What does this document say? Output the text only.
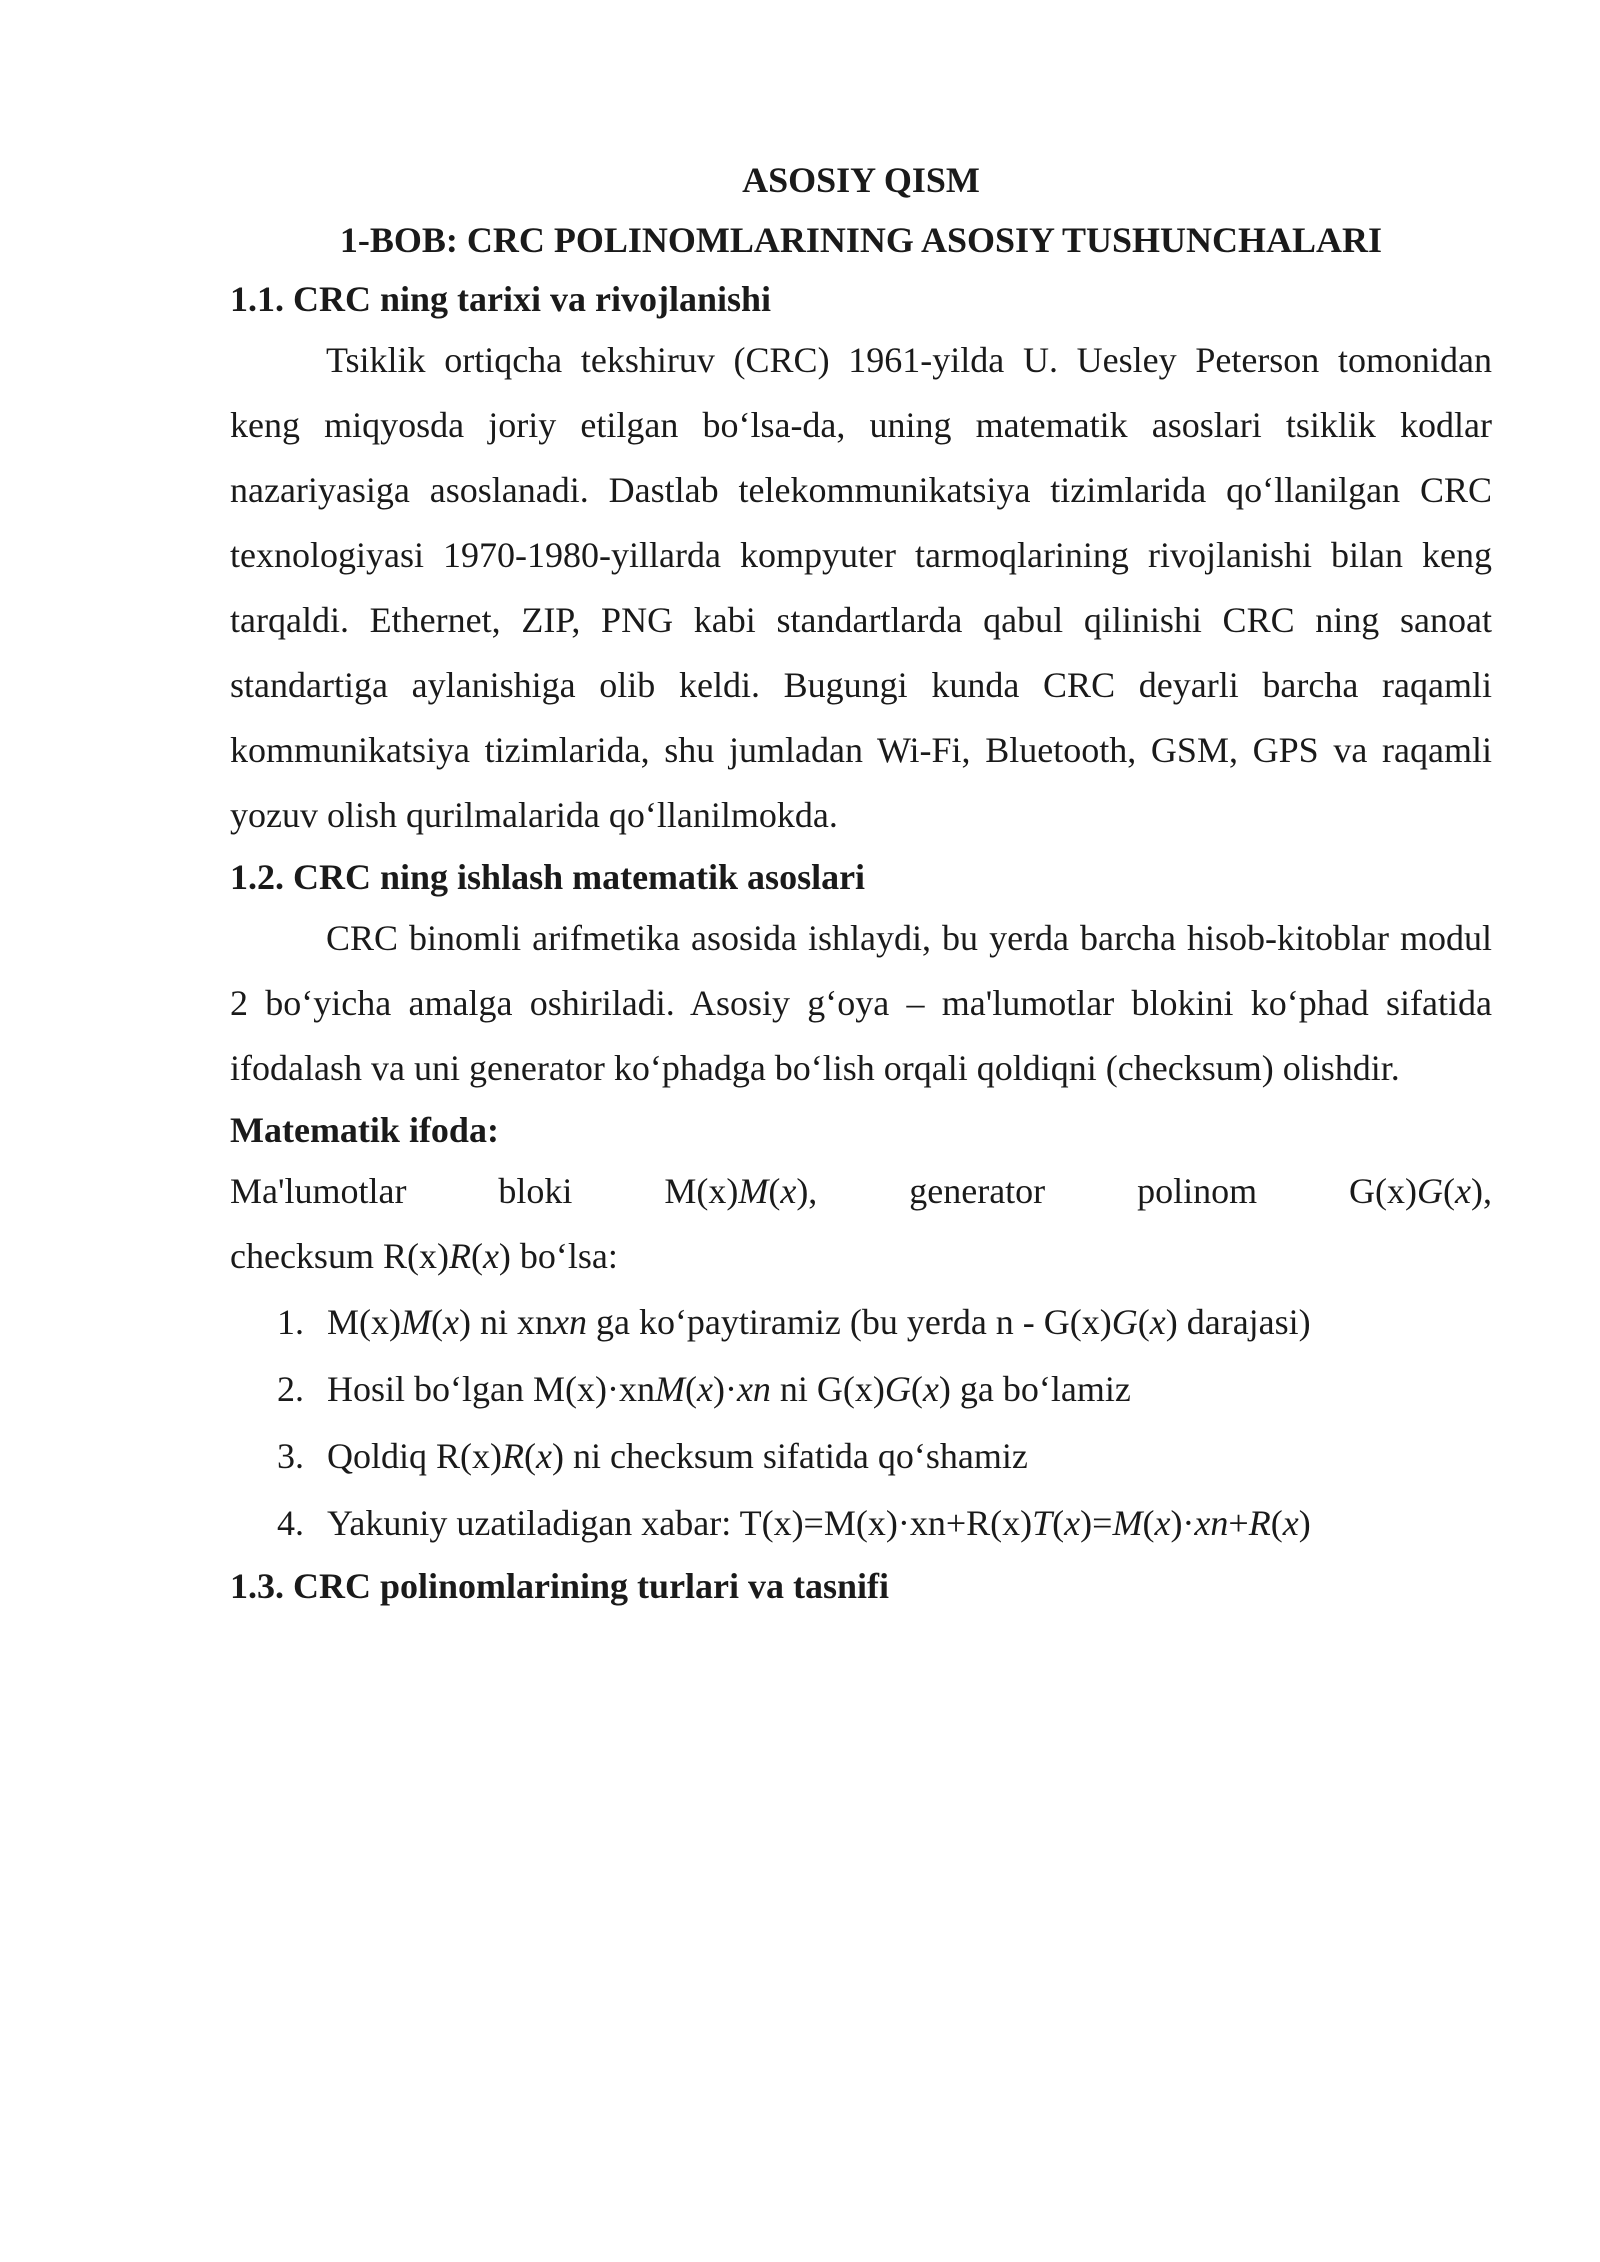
ASOSIY QISM

1-BOB: CRC POLINOMLARINING ASOSIY TUSHUNCHALARI

1.1. CRC ning tarixi va rivojlanishi

Tsiklik ortiqcha tekshiruv (CRC) 1961-yilda U. Uesley Peterson tomonidan keng miqyosda joriy etilgan bo‘lsa-da, uning matematik asoslari tsiklik kodlar nazariyasiga asoslanadi. Dastlab telekommunikatsiya tizimlarida qo‘llanilgan CRC texnologiyasi 1970-1980-yillarda kompyuter tarmoqlarining rivojlanishi bilan keng tarqaldi. Ethernet, ZIP, PNG kabi standartlarda qabul qilinishi CRC ning sanoat standartiga aylanishiga olib keldi. Bugungi kunda CRC deyarli barcha raqamli kommunikatsiya tizimlarida, shu jumladan Wi-Fi, Bluetooth, GSM, GPS va raqamli yozuv olish qurilmalarida qo‘llanilmokda.

1.2. CRC ning ishlash matematik asoslari

CRC binomli arifmetika asosida ishlaydi, bu yerda barcha hisob-kitoblar modul 2 bo‘yicha amalga oshiriladi. Asosiy g‘oya – ma'lumotlar blokini ko‘phad sifatida ifodalash va uni generator ko‘phadga bo‘lish orqali qoldiqni (checksum) olishdir.

Matematik ifoda:

Ma'lumotlar	bloki M(x)M(x),	generator	polinom G(x)G(x),

checksum R(x)R(x) bo‘lsa:

1. M(x)M(x) ni xnxn ga ko‘paytiramiz (bu yerda n - G(x)G(x) darajasi)
2. Hosil bo‘lgan M(x)·xnM(x)·xn ni G(x)G(x) ga bo‘lamiz
3. Qoldiq R(x)R(x) ni checksum sifatida qo‘shamiz
4. Yakuniy uzatiladigan xabar: T(x)=M(x)·xn+R(x)T(x)=M(x)·xn+R(x)

1.3. CRC polinomlarining turlari va tasnifi
